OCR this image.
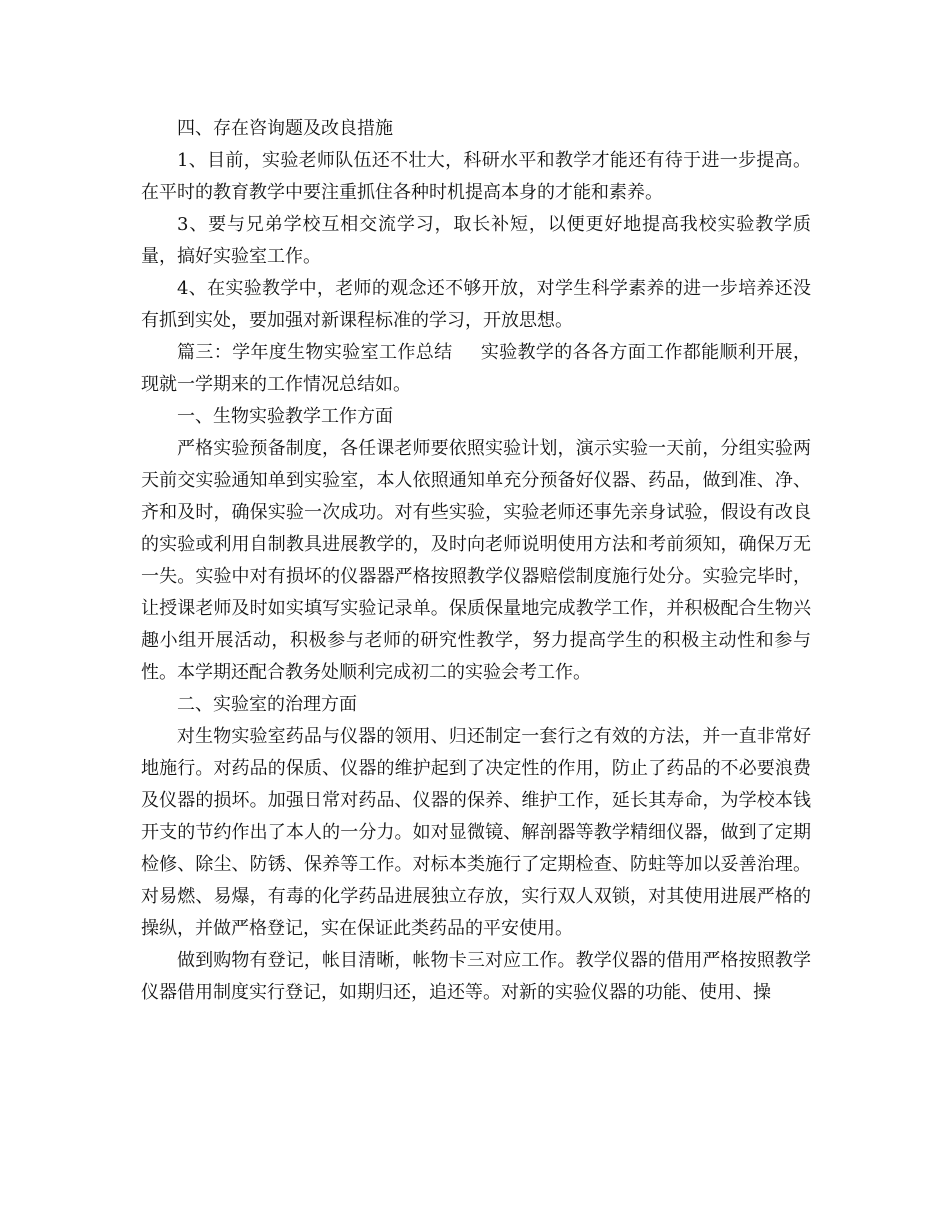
四、存在咨询题及改良措施

1、目前，实验老师队伍还不壮大，科研水平和教学才能还有待于进一步提高。在平时的教育教学中要注重抓住各种时机提高本身的才能和素养。

3、要与兄弟学校互相交流学习，取长补短，以便更好地提高我校实验教学质量，搞好实验室工作。

4、在实验教学中，老师的观念还不够开放，对学生科学素养的进一步培养还没有抓到实处，要加强对新课程标准的学习，开放思想。

篇三：学年度生物实验室工作总结 实验教学的各各方面工作都能顺利开展，现就一学期来的工作情况总结如。

一、生物实验教学工作方面

严格实验预备制度，各任课老师要依照实验计划，演示实验一天前，分组实验两天前交实验通知单到实验室，本人依照通知单充分预备好仪器、药品，做到准、净、齐和及时，确保实验一次成功。对有些实验，实验老师还事先亲身试验，假设有改良的实验或利用自制教具进展教学的，及时向老师说明使用方法和考前须知，确保万无一失。实验中对有损坏的仪器器严格按照教学仪器赔偿制度施行处分。实验完毕时，让授课老师及时如实填写实验记录单。保质保量地完成教学工作，并积极配合生物兴趣小组开展活动，积极参与老师的研究性教学，努力提高学生的积极主动性和参与性。本学期还配合教务处顺利完成初二的实验会考工作。

二、实验室的治理方面

对生物实验室药品与仪器的领用、归还制定一套行之有效的方法，并一直非常好地施行。对药品的保质、仪器的维护起到了决定性的作用，防止了药品的不必要浪费及仪器的损坏。加强日常对药品、仪器的保养、维护工作，延长其寿命，为学校本钱开支的节约作出了本人的一分力。如对显微镜、解剖器等教学精细仪器，做到了定期检修、除尘、防锈、保养等工作。对标本类施行了定期检查、防蛀等加以妥善治理。对易燃、易爆，有毒的化学药品进展独立存放，实行双人双锁，对其使用进展严格的操纵，并做严格登记，实在保证此类药品的平安使用。

做到购物有登记，帐目清晰，帐物卡三对应工作。教学仪器的借用严格按照教学仪器借用制度实行登记，如期归还，追还等。对新的实验仪器的功能、使用、操
